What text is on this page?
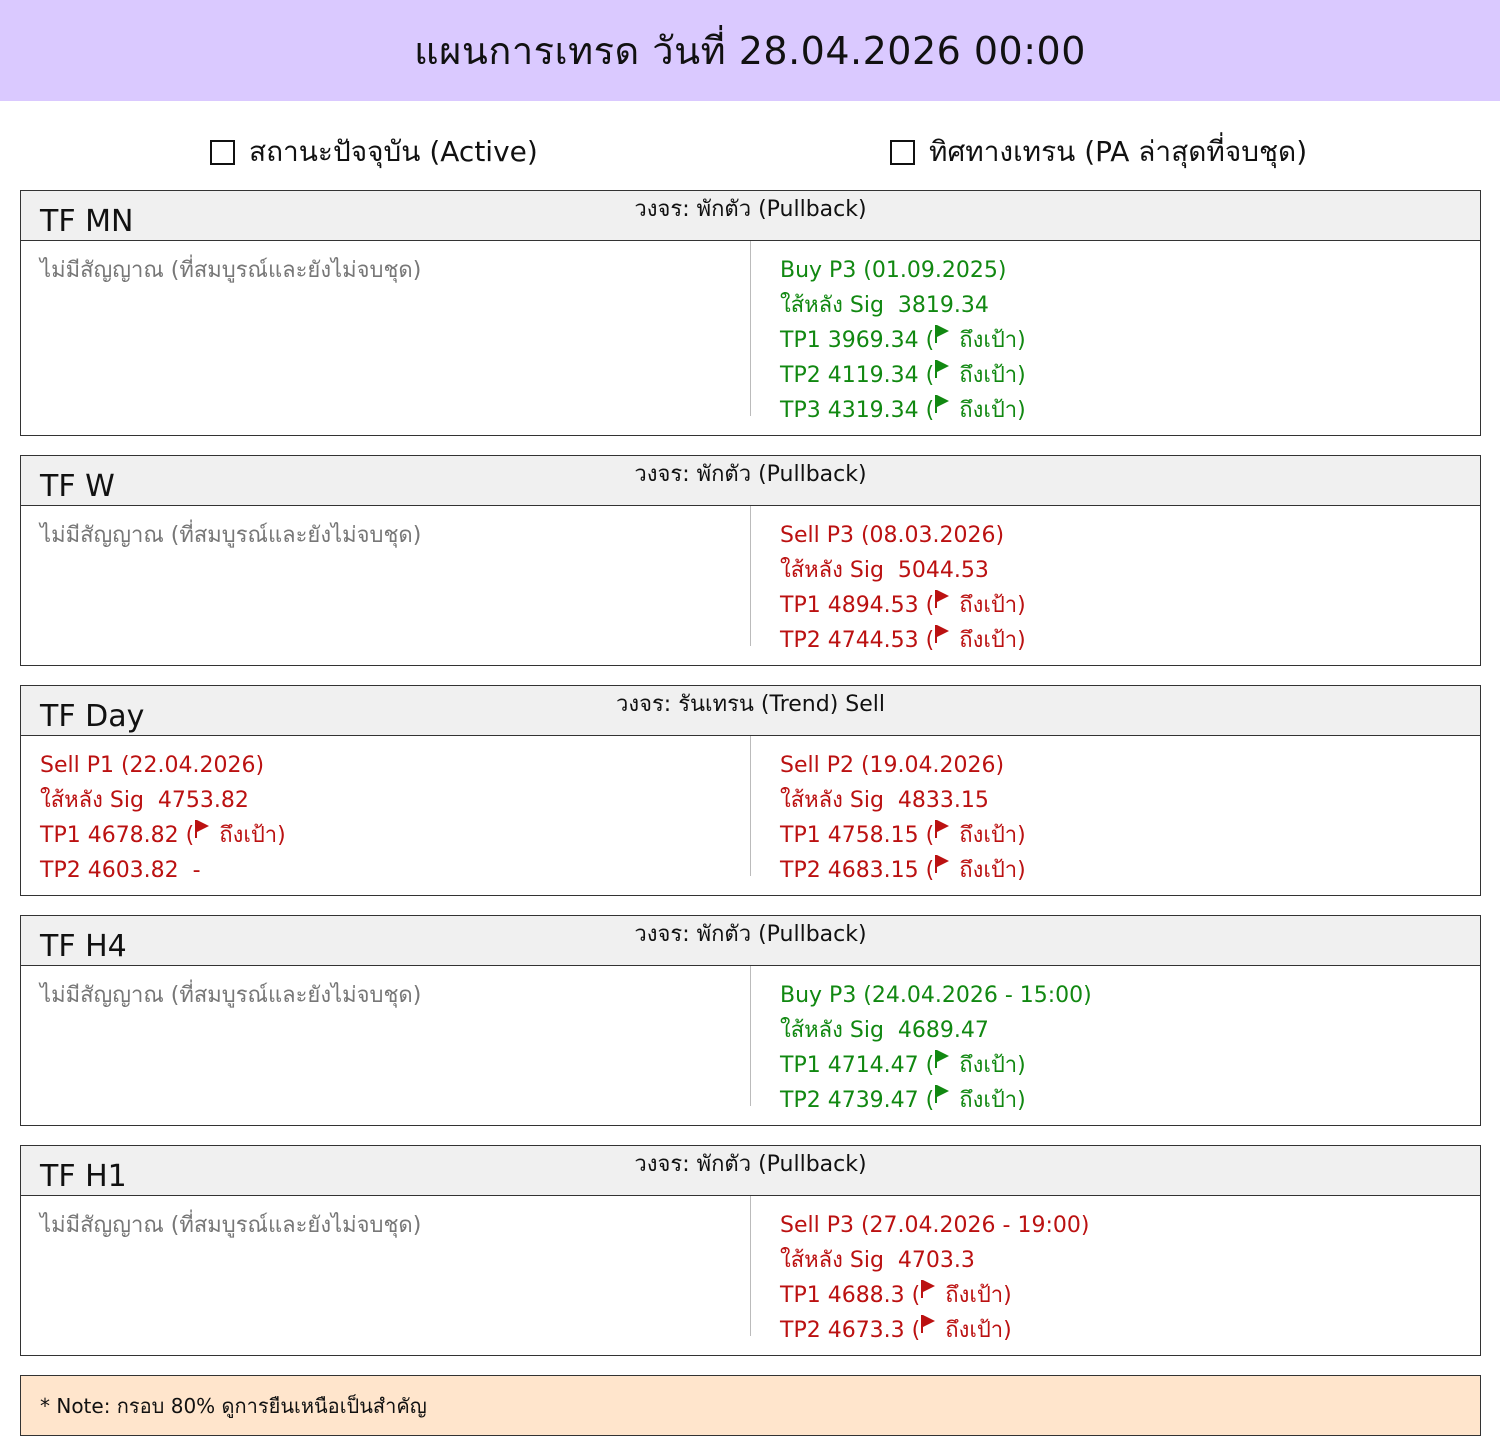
แผนการเทรด วันที่ 28.04.2026 00:00
สถานะปัจจุบัน (Active)	ทิศทางเทรน (PA ล่าสุดที่จบชุด)
วงจร: พักตัว (Pullback)
TF MN
ไม่มีสัญญาณ (ที่สมบูรณ์และยังไม่จบชุด)	Buy P3 (01.09.2025)
ใส้หลัง Sig  3819.34
TP1 3969.34 ( ถึงเป้า)
TP2 4119.34 ( ถึงเป้า)
TP3 4319.34 ( ถึงเป้า)
วงจร: พักตัว (Pullback)
TF W
ไม่มีสัญญาณ (ที่สมบูรณ์และยังไม่จบชุด)	Sell P3 (08.03.2026)
ใส้หลัง Sig  5044.53
TP1 4894.53 ( ถึงเป้า)
TP2 4744.53 ( ถึงเป้า)
วงจร: รันเทรน (Trend) Sell
TF Day
Sell P1 (22.04.2026)
ใส้หลัง Sig  4753.82
TP1 4678.82 ( ถึงเป้า)
TP2 4603.82  -
Sell P2 (19.04.2026)
ใส้หลัง Sig  4833.15
TP1 4758.15 ( ถึงเป้า)
TP2 4683.15 ( ถึงเป้า)
วงจร: พักตัว (Pullback)
TF H4
ไม่มีสัญญาณ (ที่สมบูรณ์และยังไม่จบชุด)	Buy P3 (24.04.2026 - 15:00)
ใส้หลัง Sig  4689.47
TP1 4714.47 ( ถึงเป้า)
TP2 4739.47 ( ถึงเป้า)
วงจร: พักตัว (Pullback)
TF H1
ไม่มีสัญญาณ (ที่สมบูรณ์และยังไม่จบชุด)	Sell P3 (27.04.2026 - 19:00)
ใส้หลัง Sig  4703.3
TP1 4688.3 ( ถึงเป้า)
TP2 4673.3 ( ถึงเป้า)
* Note: กรอบ 80% ดูการยืนเหนือเป็นสำคัญ
